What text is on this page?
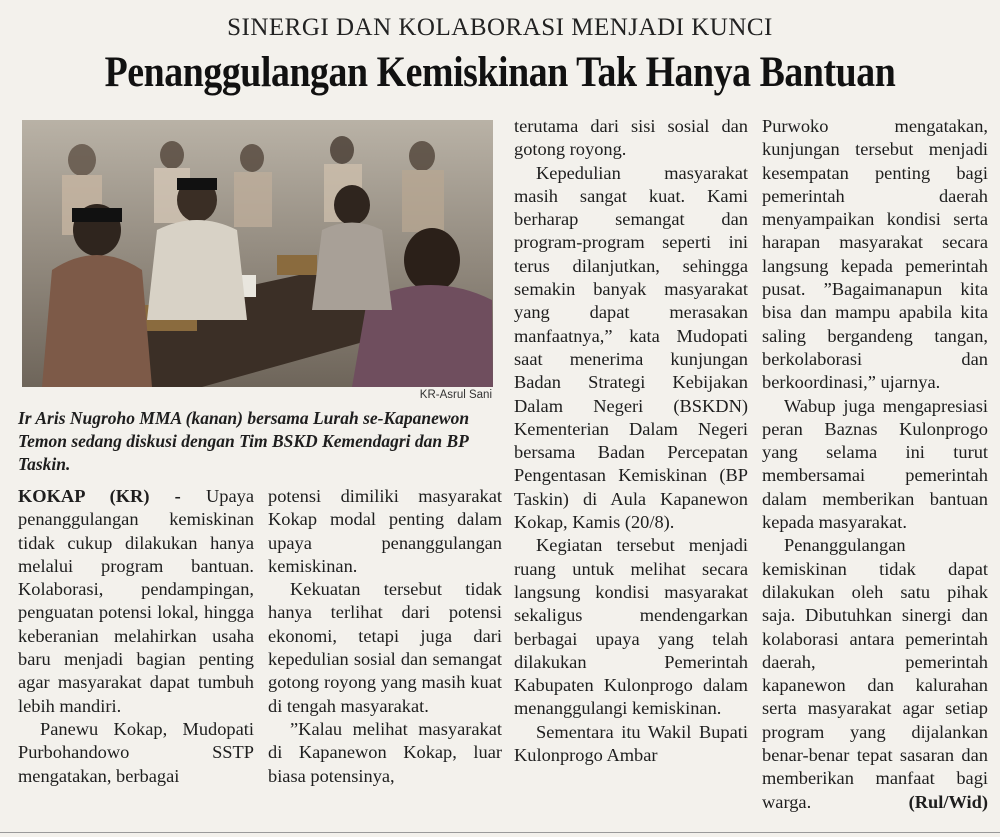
SINERGI DAN KOLABORASI MENJADI KUNCI
Penanggulangan Kemiskinan Tak Hanya Bantuan
KR-Asrul Sani
Ir Aris Nugroho MMA (kanan) bersama Lurah se-Kapanewon Temon sedang diskusi dengan Tim BSKD Kemendagri dan BP Taskin.

KOKAP (KR) - Upaya penanggulangan kemiskinan tidak cukup dilakukan hanya melalui program bantuan. Kolaborasi, pendampingan, penguatan potensi lokal, hingga keberanian melahirkan usaha baru menjadi bagian penting agar masyarakat dapat tumbuh lebih mandiri.

Panewu Kokap, Mudopati Purbohandowo SSTP mengatakan, berbagai

potensi dimiliki masyarakat Kokap modal penting dalam upaya penanggulangan kemiskinan.

Kekuatan tersebut tidak hanya terlihat dari potensi ekonomi, tetapi juga dari kepedulian sosial dan semangat gotong royong yang masih kuat di tengah masyarakat.

”Kalau melihat masyarakat di Kapanewon Kokap, luar biasa potensinya,

terutama dari sisi sosial dan gotong royong.

Kepedulian masyarakat masih sangat kuat. Kami berharap semangat dan program-program seperti ini terus dilanjutkan, sehingga semakin banyak masyarakat yang dapat merasakan manfaatnya,” kata Mudopati saat menerima kunjungan Badan Strategi Kebijakan Dalam Negeri (BSKDN) Kementerian Dalam Negeri bersama Badan Percepatan Pengentasan Kemiskinan (BP Taskin) di Aula Kapanewon Kokap, Kamis (20/8).

Kegiatan tersebut menjadi ruang untuk melihat secara langsung kondisi masyarakat sekaligus mendengarkan berbagai upaya yang telah dilakukan Pemerintah Kabupaten Kulonprogo dalam menanggulangi kemiskinan.

Sementara itu Wakil Bupati Kulonprogo Ambar

Purwoko mengatakan, kunjungan tersebut menjadi kesempatan penting bagi pemerintah daerah menyampaikan kondisi serta harapan masyarakat secara langsung kepada pemerintah pusat. ”Bagaimanapun kita bisa dan mampu apabila kita saling bergandeng tangan, berkolaborasi dan berkoordinasi,” ujarnya.

Wabup juga mengapresiasi peran Baznas Kulonprogo yang selama ini turut membersamai pemerintah dalam memberikan bantuan kepada masyarakat.

Penanggulangan kemiskinan tidak dapat dilakukan oleh satu pihak saja. Dibutuhkan sinergi dan kolaborasi antara pemerintah daerah, pemerintah kapanewon dan kalurahan serta masyarakat agar setiap program yang dijalankan benar-benar tepat sasaran dan memberikan manfaat bagi warga.	(Rul/Wid)
